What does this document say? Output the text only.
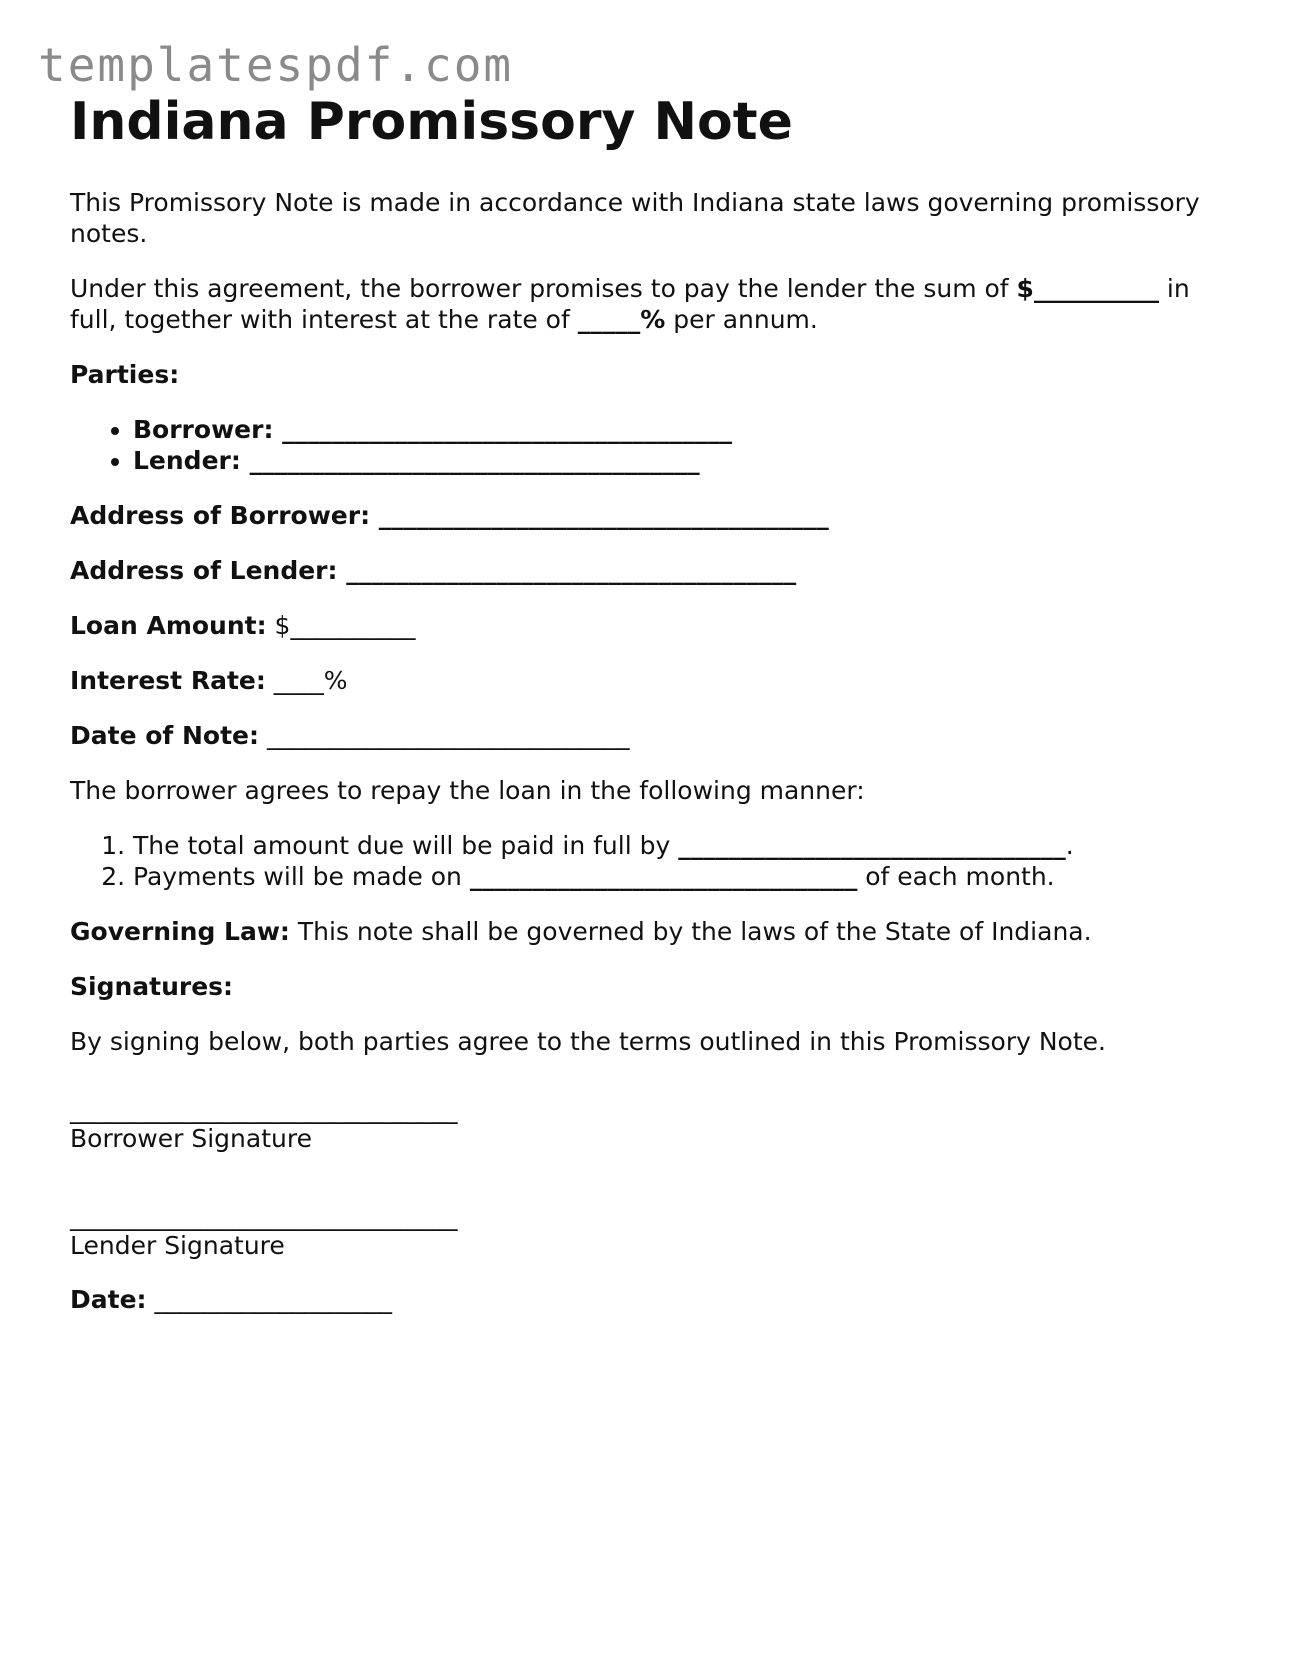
templatespdf.com
Indiana Promissory Note

This Promissory Note is made in accordance with Indiana state laws governing promissory notes.

Under this agreement, the borrower promises to pay the lender the sum of $__________ in full, together with interest at the rate of _____% per annum.

Parties:

• Borrower: ____________________________________
• Lender: ____________________________________

Address of Borrower: ____________________________________

Address of Lender: ____________________________________

Loan Amount: $__________

Interest Rate: ____%

Date of Note: _____________________________

The borrower agrees to repay the loan in the following manner:

1. The total amount due will be paid in full by _______________________________.
2. Payments will be made on _______________________________ of each month.

Governing Law: This note shall be governed by the laws of the State of Indiana.

Signatures:

By signing below, both parties agree to the terms outlined in this Promissory Note.

_______________________________
Borrower Signature
_______________________________
Lender Signature

Date: ___________________
